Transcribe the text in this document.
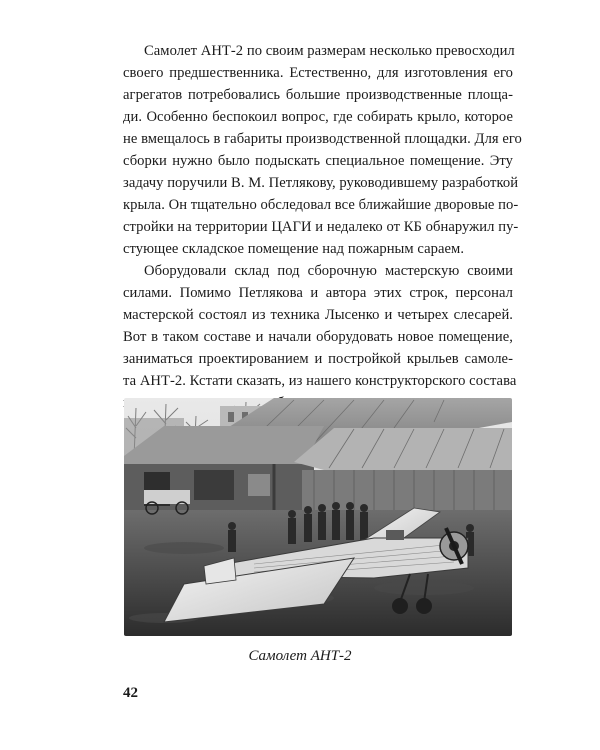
Самолет АНТ-2 по своим размерам несколько превосходил
своего предшественника. Естественно, для изготовления его
агрегатов потребовались большие производственные площа-
ди. Особенно беспокоил вопрос, где собирать крыло, которое
не вмещалось в габариты производственной площадки. Для его
сборки нужно было подыскать специальное помещение. Эту
задачу поручили В. М. Петлякову, руководившему разработкой
крыла. Он тщательно обследовал все ближайшие дворовые по-
стройки на территории ЦАГИ и недалеко от КБ обнаружил пу-
стующее складское помещение над пожарным сараем.
Оборудовали склад под сборочную мастерскую своими
силами. Помимо Петлякова и автора этих строк, персонал
мастерской состоял из техника Лысенко и четырех слесарей.
Вот в таком составе и начали оборудовать новое помещение,
заниматься проектированием и постройкой крыльев самоле-
та АНТ-2. Кстати сказать, из нашего конструкторского состава
Самолет АНТ-2
42
